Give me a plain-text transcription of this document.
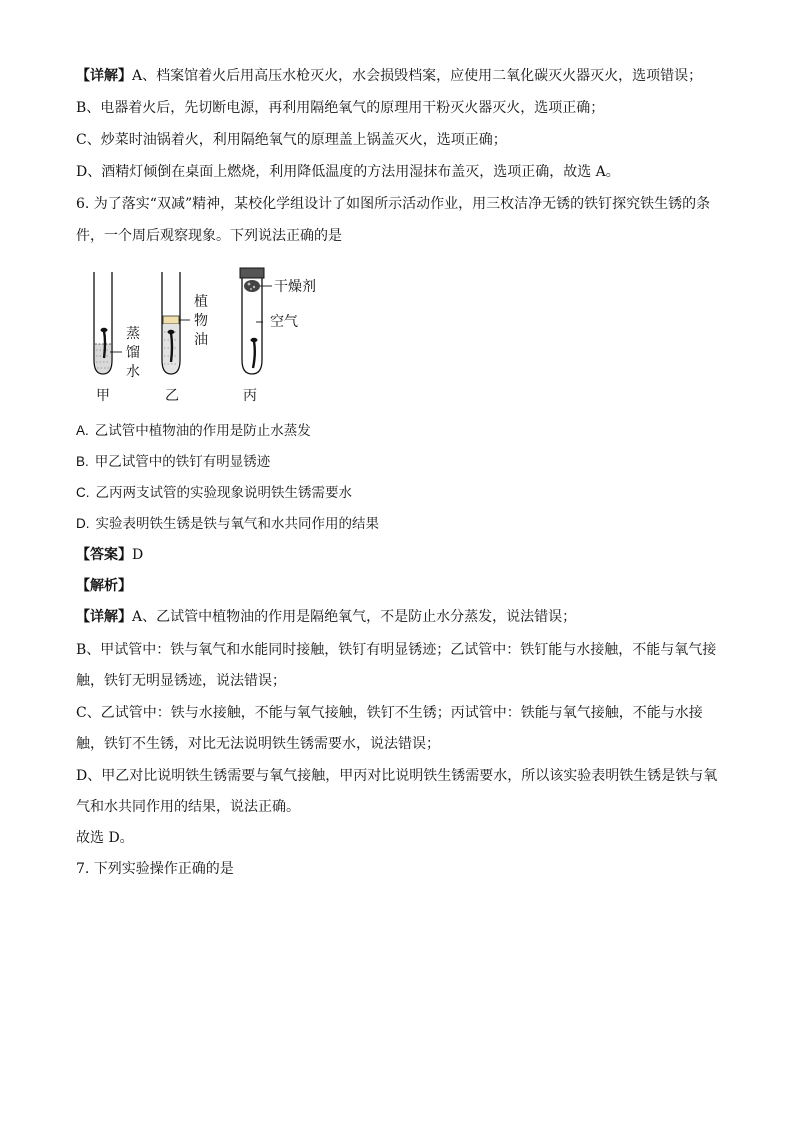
【详解】A、档案馆着火后用高压水枪灭火，水会损毁档案，应使用二氧化碳灭火器灭火，选项错误；
B、电器着火后，先切断电源，再利用隔绝氧气的原理用干粉灭火器灭火，选项正确；
C、炒菜时油锅着火，利用隔绝氧气的原理盖上锅盖灭火，选项正确；
D、酒精灯倾倒在桌面上燃烧，利用降低温度的方法用湿抹布盖灭，选项正确，故选 A。
6. 为了落实“双减”精神，某校化学组设计了如图所示活动作业，用三枚洁净无锈的铁钉探究铁生锈的条
件，一个周后观察现象。下列说法正确的是
蒸
馏
水
甲
植
物
油
乙
干燥剂
空气
丙
A. 乙试管中植物油的作用是防止水蒸发
B. 甲乙试管中的铁钉有明显锈迹
C. 乙丙两支试管的实验现象说明铁生锈需要水
D. 实验表明铁生锈是铁与氧气和水共同作用的结果
【答案】D
【解析】
【详解】A、乙试管中植物油的作用是隔绝氧气，不是防止水分蒸发，说法错误；
B、甲试管中：铁与氧气和水能同时接触，铁钉有明显锈迹；乙试管中：铁钉能与水接触，不能与氧气接
触，铁钉无明显锈迹，说法错误；
C、乙试管中：铁与水接触，不能与氧气接触，铁钉不生锈；丙试管中：铁能与氧气接触，不能与水接
触，铁钉不生锈，对比无法说明铁生锈需要水，说法错误；
D、甲乙对比说明铁生锈需要与氧气接触，甲丙对比说明铁生锈需要水，所以该实验表明铁生锈是铁与氧
气和水共同作用的结果，说法正确。
故选 D。
7. 下列实验操作正确的是
